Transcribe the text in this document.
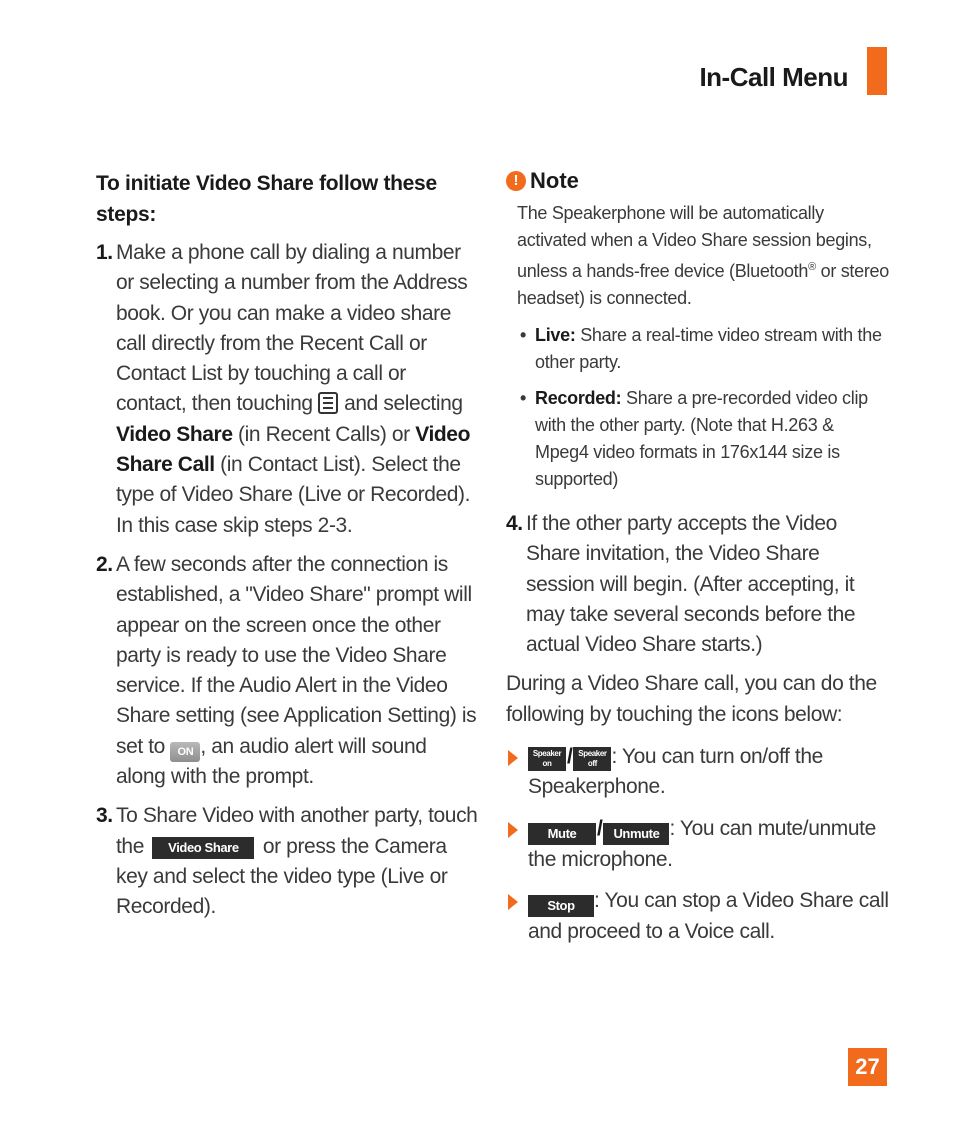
In-Call Menu

To initiate Video Share follow these steps:

1. Make a phone call by dialing a number or selecting a number from the Address book. Or you can make a video share call directly from the Recent Call or Contact List by touching a call or contact, then touching and selecting Video Share (in Recent Calls) or Video Share Call (in Contact List). Select the type of Video Share (Live or Recorded). In this case skip steps 2-3.
2. A few seconds after the connection is established, a "Video Share" prompt will appear on the screen once the other party is ready to use the Video Share service. If the Audio Alert in the Video Share setting (see Application Setting) is set to ON , an audio alert will sound along with the prompt.
3. To Share Video with another party, touch the Video Share or press the Camera key and select the video type (Live or Recorded).
! Note
The Speakerphone will be automatically activated when a Video Share session begins, unless a hands-free device (Bluetooth® or stereo headset) is connected.
• Live: Share a real-time video stream with the other party.
• Recorded: Share a pre-recorded video clip with the other party. (Note that H.263 & Mpeg4 video formats in 176x144 size is supported)
4. If the other party accepts the Video Share invitation, the Video Share session will begin. (After accepting, it may take several seconds before the actual Video Share starts.)

During a Video Share call, you can do the following by touching the icons below:

Speaker
on / Speaker
off : You can turn on/off the Speakerphone.
Mute / Unmute : You can mute/unmute the microphone.
Stop : You can stop a Video Share call and proceed to a Voice call.
27
